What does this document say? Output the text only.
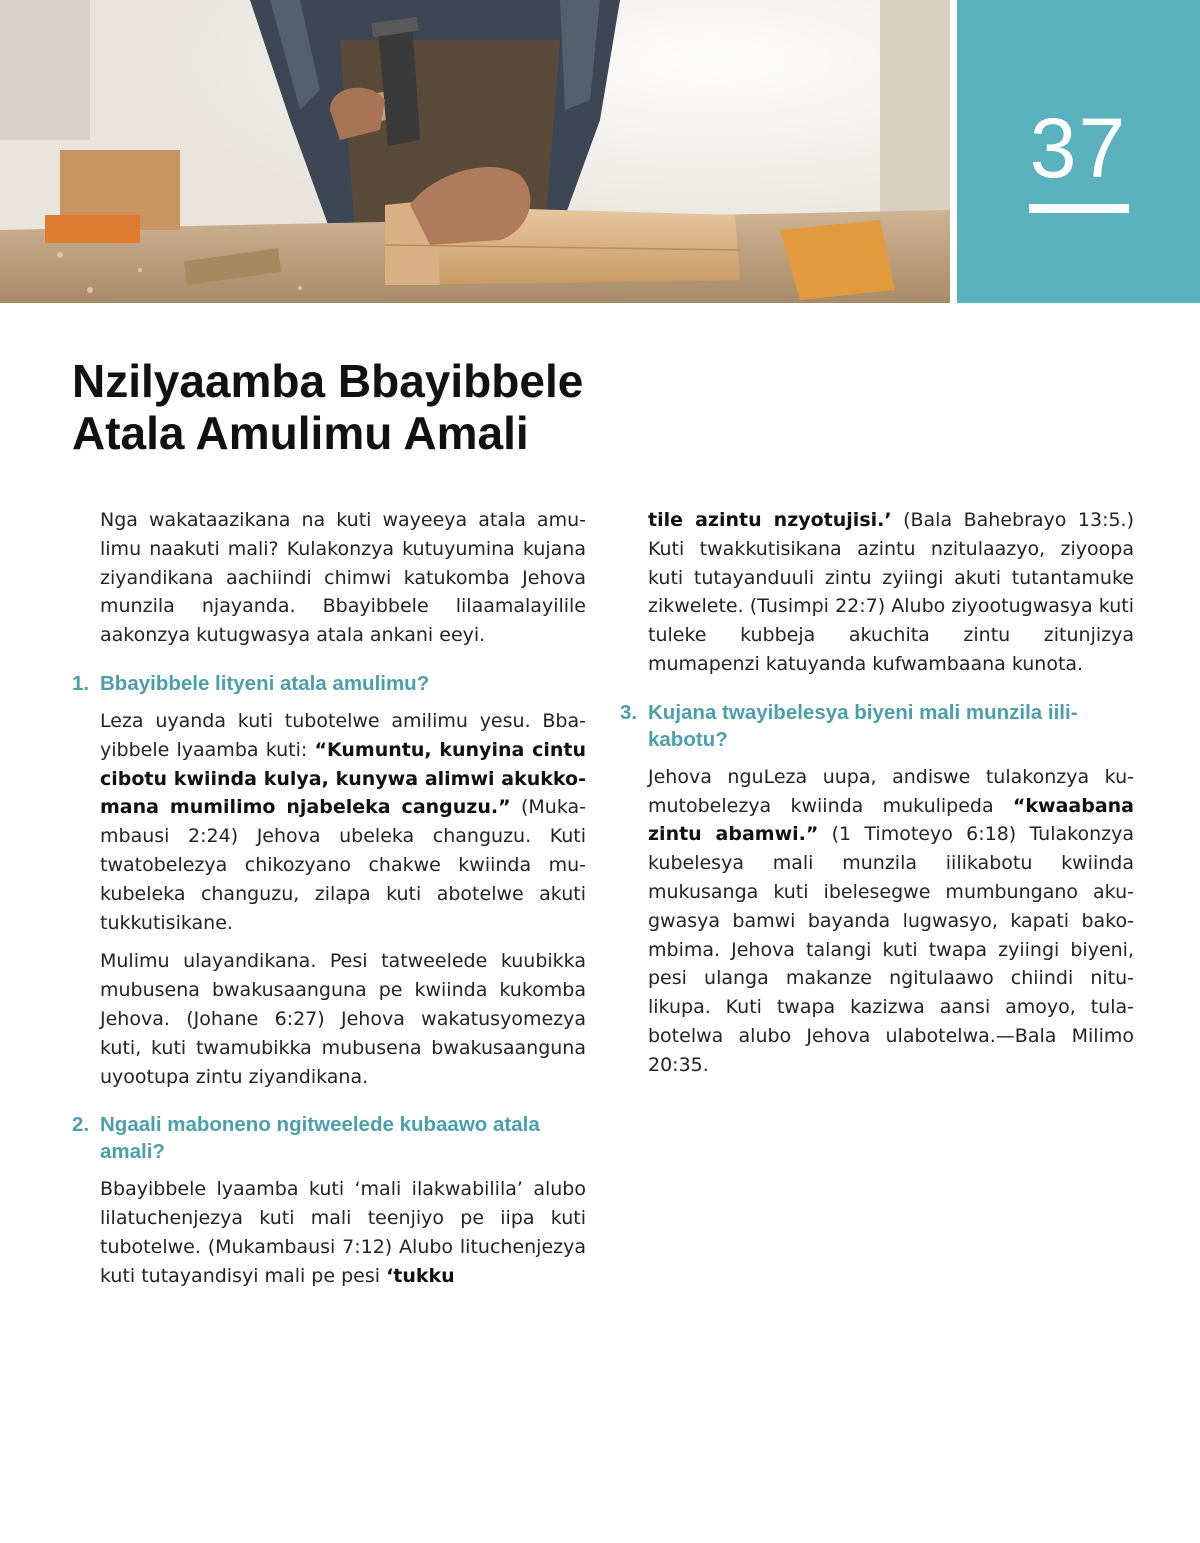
37
Nzilyaamba Bbayibbele
Atala Amulimu Amali

Nga wakataazikana na kuti wayeeya atala amulimu naakuti mali? Kulakonzya kutuyumina kujana ziyandikana aachiindi chimwi katukomba Jehova munzila njayanda. Bbayibbele lilaamalayilile aakonzya kutugwasya atala ankani eeyi.

1. Bbayibbele lityeni atala amulimu?

Leza uyanda kuti tubotelwe amilimu yesu. Bbayibbele lyaamba kuti: “Kumuntu, kunyina cintu cibotu kwiinda kulya, kunywa alimwi akukkomana mumilimo njabeleka canguzu.” (Mukambausi 2:24) Jehova ubeleka changuzu. Kuti twatobelezya chikozyano chakwe kwiinda mukubeleka changuzu, zilapa kuti abotelwe akuti tukkutisikane.

Mulimu ulayandikana. Pesi tatweelede kuubikka mubusena bwakusaanguna pe kwiinda kukomba Jehova. (Johane 6:27) Jehova wakatusyomezya kuti, kuti twamubikka mubusena bwakusaanguna uyootupa zintu ziyandikana.

2. Ngaali maboneno ngitweelede kubaawo atala amali?

Bbayibbele lyaamba kuti ‘mali ilakwabilila’ alubo lilatuchenjezya kuti mali teenjiyo pe iipa kuti tubotelwe. (Mukambausi 7:12) Alubo lituchenjezya kuti tutayandisyi mali pe pesi ‘tukku

tile azintu nzyotujisi.’ (Bala Bahebrayo 13:5.) Kuti twakkutisikana azintu nzitulaazyo, ziyoopa kuti tutayanduuli zintu zyiingi akuti tutantamuke zikwelete. (Tusimpi 22:7) Alubo ziyootugwasya kuti tuleke kubbeja akuchita zintu zitunjizya mumapenzi katuyanda kufwambaana kunota.

3. Kujana twayibelesya biyeni mali munzila iilikabotu?

Jehova nguLeza uupa, andiswe tulakonzya kumutobelezya kwiinda mukulipeda “kwaabana zintu abamwi.” (1 Timoteyo 6:18) Tulakonzya kubelesya mali munzila iilikabotu kwiinda mukusanga kuti ibelesegwe mumbungano akugwasya bamwi bayanda lugwasyo, kapati bakombima. Jehova talangi kuti twapa zyiingi biyeni, pesi ulanga makanze ngitulaawo chiindi nitulikupa. Kuti twapa kazizwa aansi amoyo, tulabotelwa alubo Jehova ulabotelwa.—Bala Milimo 20:35.
